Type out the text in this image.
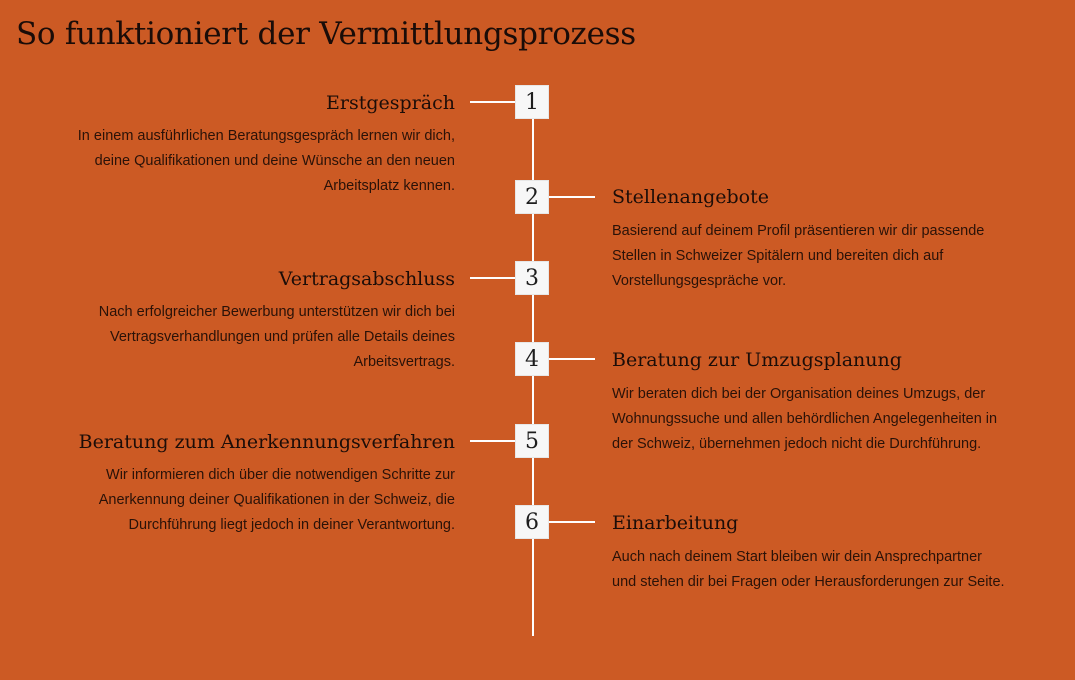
So funktioniert der Vermittlungsprozess
1
Erstgespräch
In einem ausführlichen Beratungsgespräch lernen wir dich,
deine Qualifikationen und deine Wünsche an den neuen
Arbeitsplatz kennen.	2	Stellenangebote
Basierend auf deinem Profil präsentieren wir dir passende
Stellen in Schweizer Spitälern und bereiten dich auf
Vorstellungsgespräche vor.
3
Vertragsabschluss
Nach erfolgreicher Bewerbung unterstützen wir dich bei
Vertragsverhandlungen und prüfen alle Details deines
Arbeitsvertrags.	4	Beratung zur Umzugsplanung
Wir beraten dich bei der Organisation deines Umzugs, der
Wohnungssuche und allen behördlichen Angelegenheiten in
der Schweiz, übernehmen jedoch nicht die Durchführung.
5
Beratung zum Anerkennungsverfahren
Wir informieren dich über die notwendigen Schritte zur
Anerkennung deiner Qualifikationen in der Schweiz, die
Durchführung liegt jedoch in deiner Verantwortung.	6	Einarbeitung
Auch nach deinem Start bleiben wir dein Ansprechpartner
und stehen dir bei Fragen oder Herausforderungen zur Seite.
